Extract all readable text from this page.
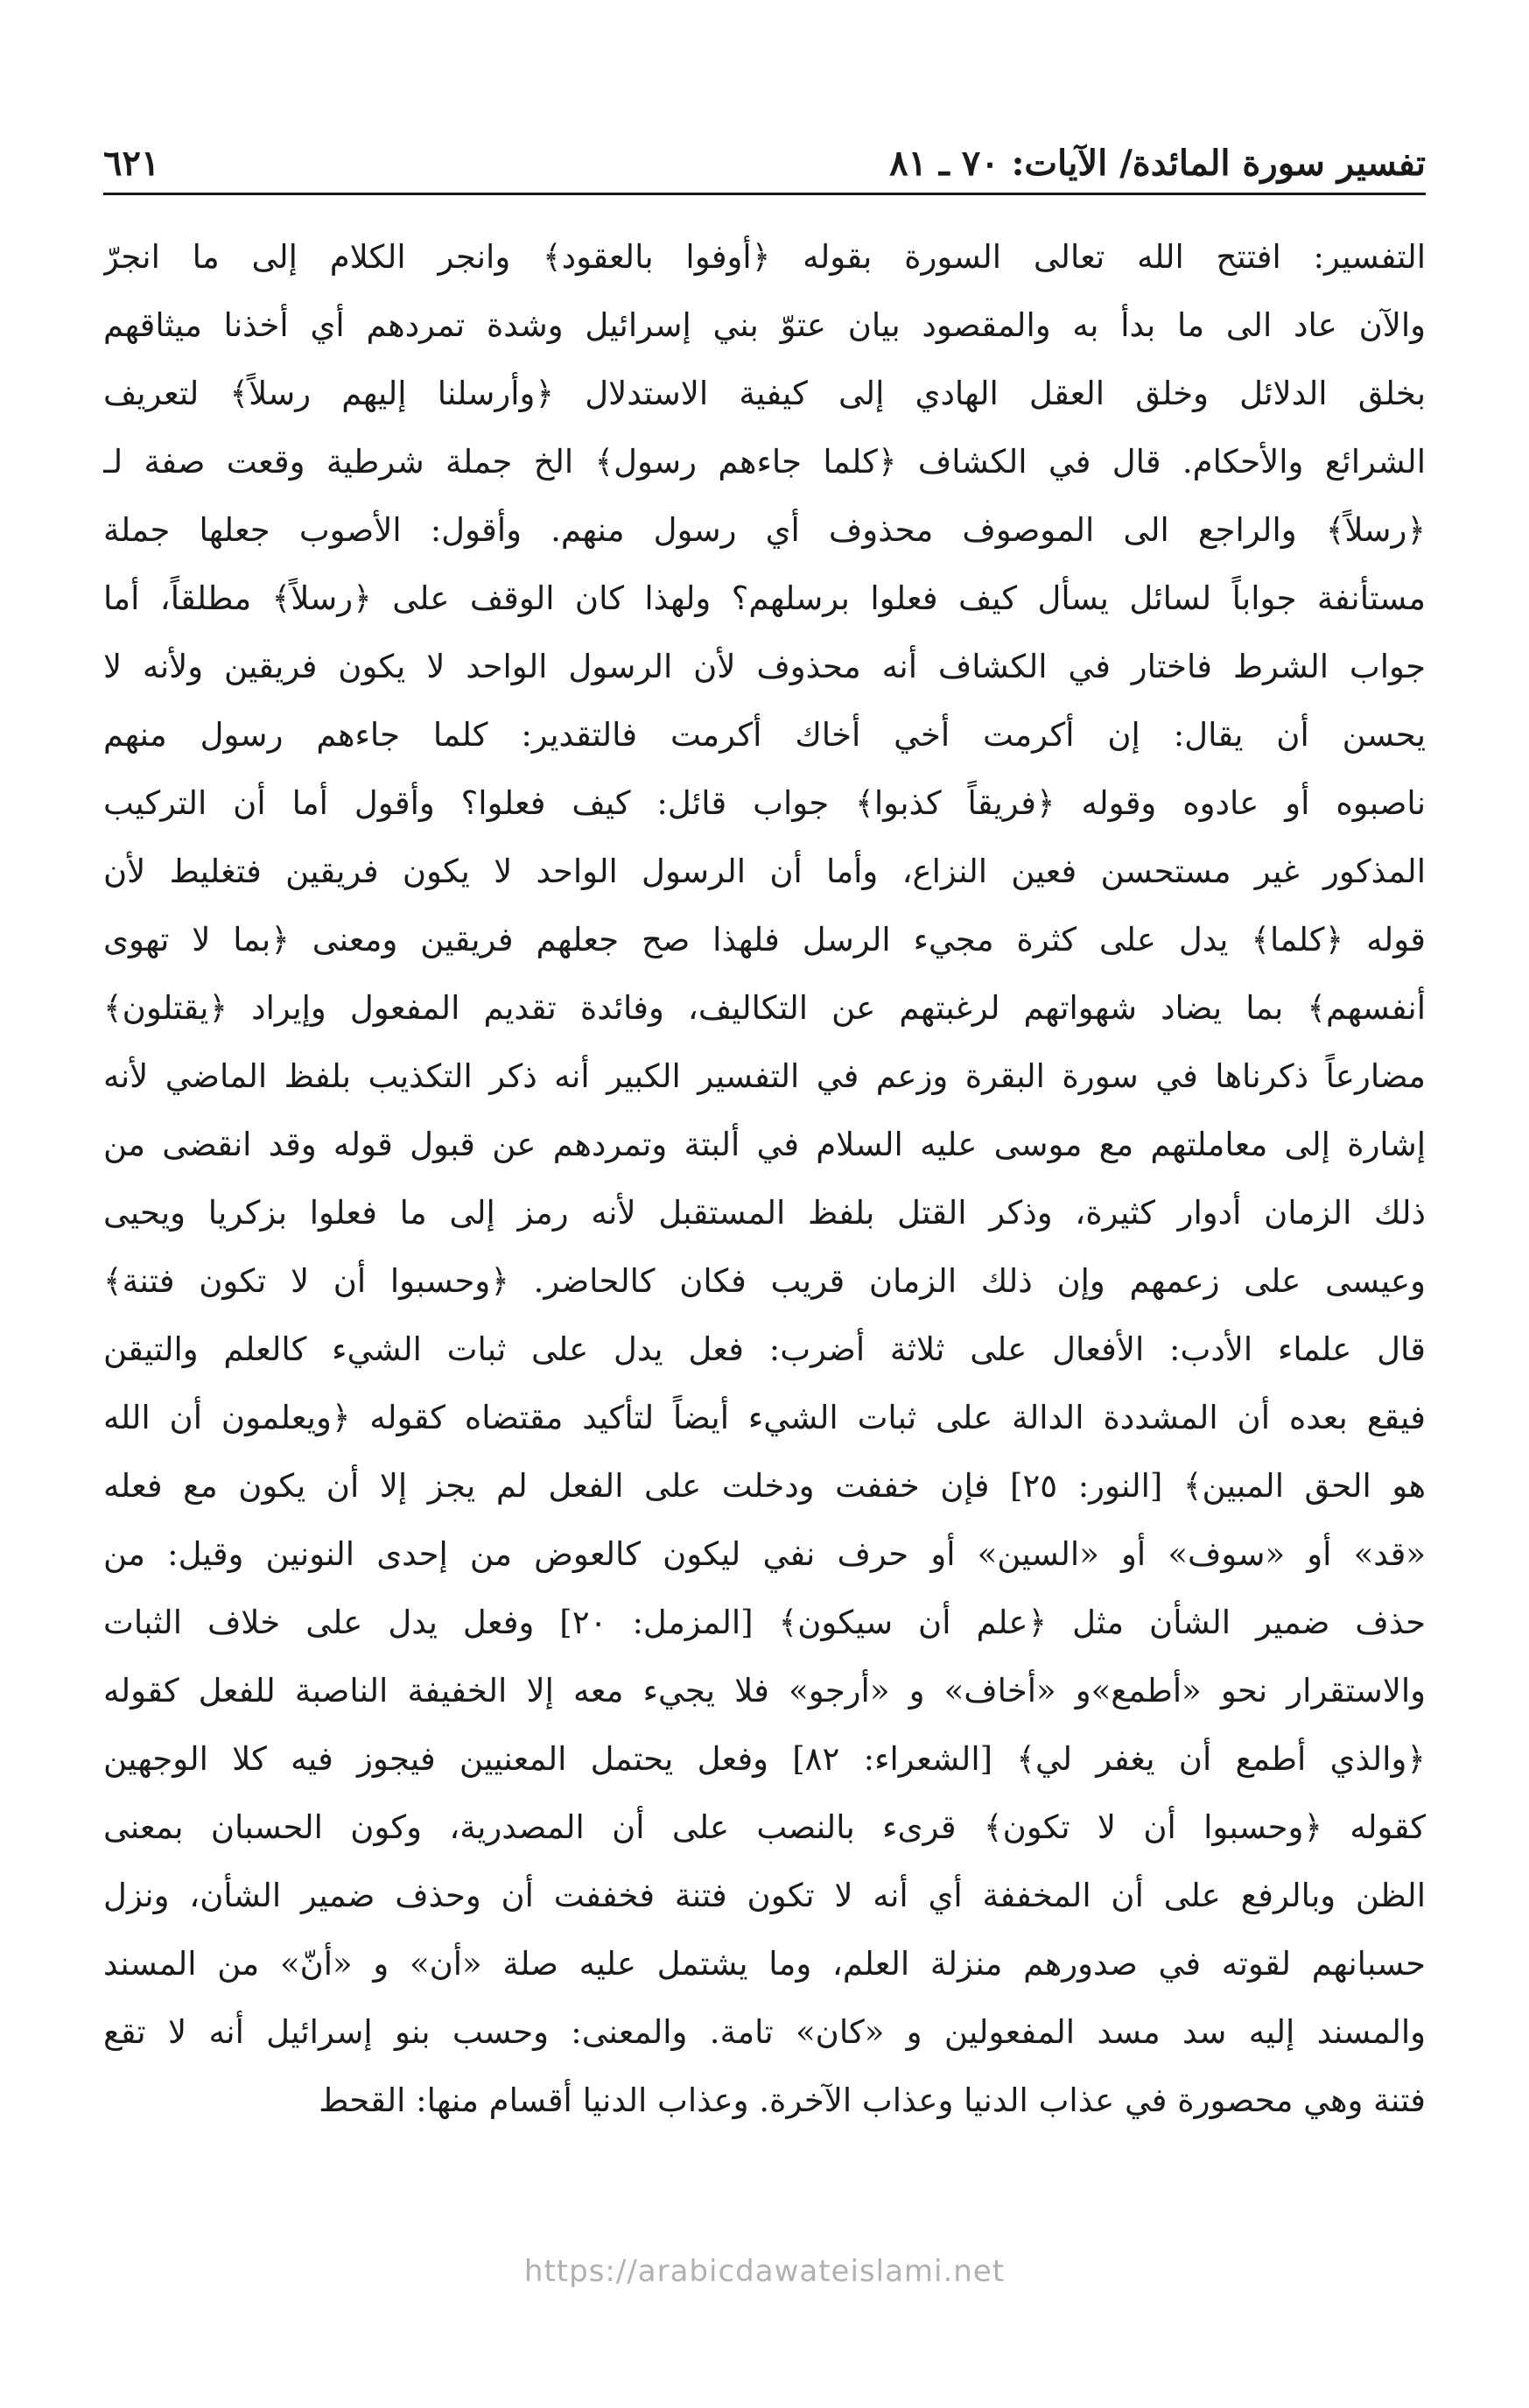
تفسير سورة المائدة/ الآيات: ٧٠ ـ ٨١
٦٢١
التفسير: افتتح الله تعالى السورة بقوله ﴿أوفوا بالعقود﴾ وانجر الكلام إلى ما انجرّ
والآن عاد الى ما بدأ به والمقصود بيان عتوّ بني إسرائيل وشدة تمردهم أي أخذنا ميثاقهم
بخلق الدلائل وخلق العقل الهادي إلى كيفية الاستدلال ﴿وأرسلنا إليهم رسلاً﴾ لتعريف
الشرائع والأحكام. قال في الكشاف ﴿كلما جاءهم رسول﴾ الخ جملة شرطية وقعت صفة لـ
﴿رسلاً﴾ والراجع الى الموصوف محذوف أي رسول منهم. وأقول: الأصوب جعلها جملة
مستأنفة جواباً لسائل يسأل كيف فعلوا برسلهم؟ ولهذا كان الوقف على ﴿رسلاً﴾ مطلقاً، أما
جواب الشرط فاختار في الكشاف أنه محذوف لأن الرسول الواحد لا يكون فريقين ولأنه لا
يحسن أن يقال: إن أكرمت أخي أخاك أكرمت فالتقدير: كلما جاءهم رسول منهم
ناصبوه أو عادوه وقوله ﴿فريقاً كذبوا﴾ جواب قائل: كيف فعلوا؟ وأقول أما أن التركيب
المذكور غير مستحسن فعين النزاع، وأما أن الرسول الواحد لا يكون فريقين فتغليط لأن
قوله ﴿كلما﴾ يدل على كثرة مجيء الرسل فلهذا صح جعلهم فريقين ومعنى ﴿بما لا تهوى
أنفسهم﴾ بما يضاد شهواتهم لرغبتهم عن التكاليف، وفائدة تقديم المفعول وإيراد ﴿يقتلون﴾
مضارعاً ذكرناها في سورة البقرة وزعم في التفسير الكبير أنه ذكر التكذيب بلفظ الماضي لأنه
إشارة إلى معاملتهم مع موسى عليه السلام في ألبتة وتمردهم عن قبول قوله وقد انقضى من
ذلك الزمان أدوار كثيرة، وذكر القتل بلفظ المستقبل لأنه رمز إلى ما فعلوا بزكريا ويحيى
وعيسى على زعمهم وإن ذلك الزمان قريب فكان كالحاضر. ﴿وحسبوا أن لا تكون فتنة﴾
قال علماء الأدب: الأفعال على ثلاثة أضرب: فعل يدل على ثبات الشيء كالعلم والتيقن
فيقع بعده أن المشددة الدالة على ثبات الشيء أيضاً لتأكيد مقتضاه كقوله ﴿ويعلمون أن الله
هو الحق المبين﴾ [النور: ٢٥] فإن خففت ودخلت على الفعل لم يجز إلا أن يكون مع فعله
«قد» أو «سوف» أو «السين» أو حرف نفي ليكون كالعوض من إحدى النونين وقيل: من
حذف ضمير الشأن مثل ﴿علم أن سيكون﴾ [المزمل: ٢٠] وفعل يدل على خلاف الثبات
والاستقرار نحو «أطمع»و «أخاف» و «أرجو» فلا يجيء معه إلا الخفيفة الناصبة للفعل كقوله
﴿والذي أطمع أن يغفر لي﴾ [الشعراء: ٨٢] وفعل يحتمل المعنيين فيجوز فيه كلا الوجهين
كقوله ﴿وحسبوا أن لا تكون﴾ قرىء بالنصب على أن المصدرية، وكون الحسبان بمعنى
الظن وبالرفع على أن المخففة أي أنه لا تكون فتنة فخففت أن وحذف ضمير الشأن، ونزل
حسبانهم لقوته في صدورهم منزلة العلم، وما يشتمل عليه صلة «أن» و «أنّ» من المسند
والمسند إليه سد مسد المفعولين و «كان» تامة. والمعنى: وحسب بنو إسرائيل أنه لا تقع
فتنة وهي محصورة في عذاب الدنيا وعذاب الآخرة. وعذاب الدنيا أقسام منها: القحط
https://arabicdawateislami.net
